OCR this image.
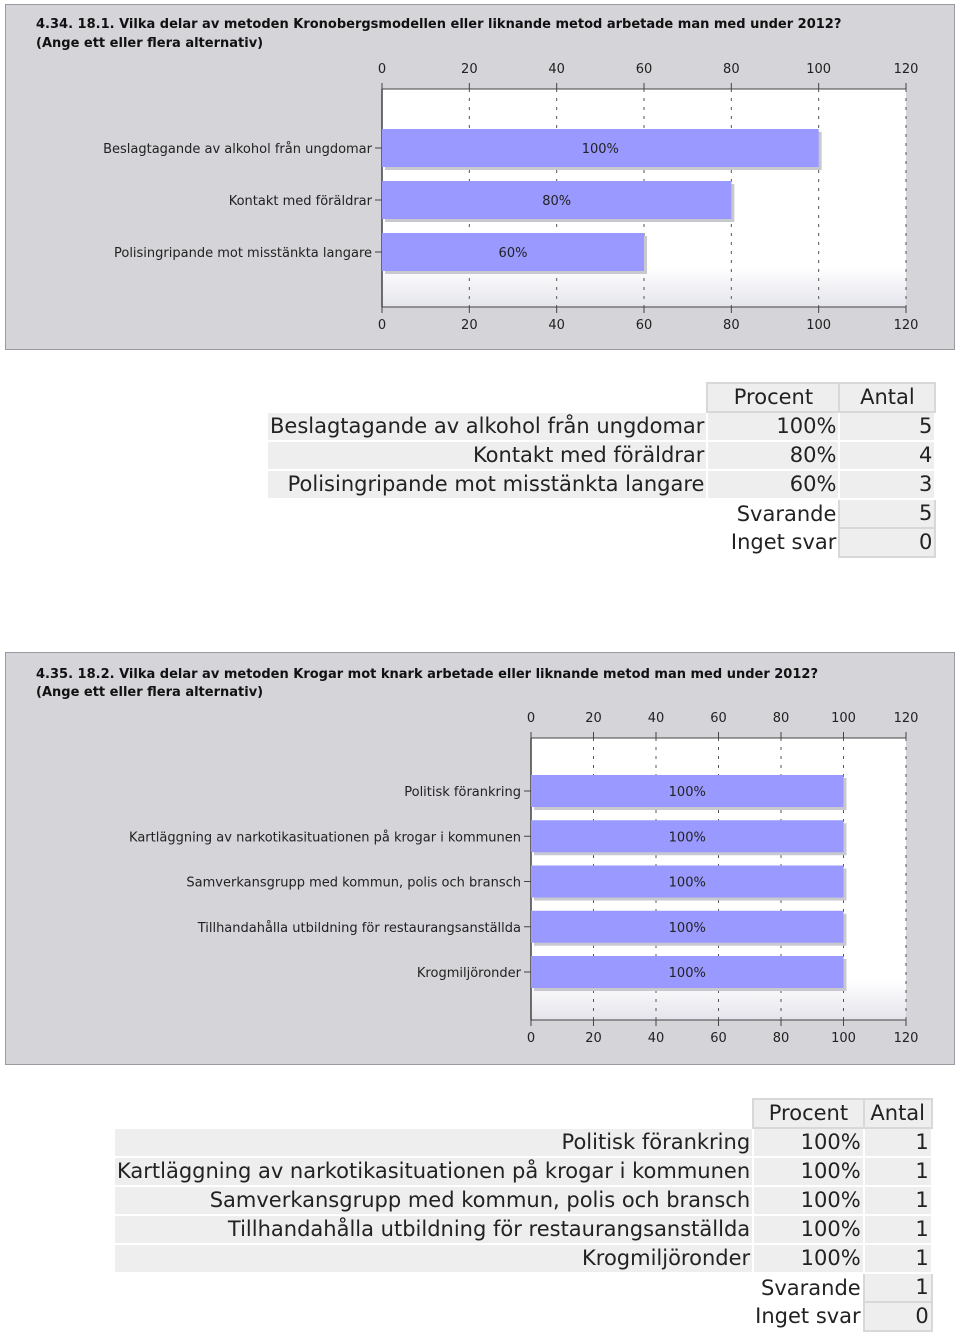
4.34. 18.1. Vilka delar av metoden Kronobergsmodellen eller liknande metod arbetade man med under 2012?
(Ange ett eller flera alternativ)
0
0
20
20
40
40
60
60
80
80
100
100
120
120
100%
Beslagtagande av alkohol från ungdomar
80%
Kontakt med föräldrar
60%
Polisingripande mot misstänkta langare
	Procent	Antal
Beslagtagande av alkohol från ungdomar	100%	5
Kontakt med föräldrar	80%	4
Polisingripande mot misstänkta langare	60%	3
	Svarande	5
	Inget svar	0
4.35. 18.2. Vilka delar av metoden Krogar mot knark arbetade eller liknande metod man med under 2012?
(Ange ett eller flera alternativ)
0
0
20
20
40
40
60
60
80
80
100
100
120
120
100%
Politisk förankring
100%
Kartläggning av narkotikasituationen på krogar i kommunen
100%
Samverkansgrupp med kommun, polis och bransch
100%
Tillhandahålla utbildning för restaurangsanställda
100%
Krogmiljöronder
	Procent	Antal
Politisk förankring	100%	1
Kartläggning av narkotikasituationen på krogar i kommunen	100%	1
Samverkansgrupp med kommun, polis och bransch	100%	1
Tillhandahålla utbildning för restaurangsanställda	100%	1
Krogmiljöronder	100%	1
	Svarande	1
	Inget svar	0
